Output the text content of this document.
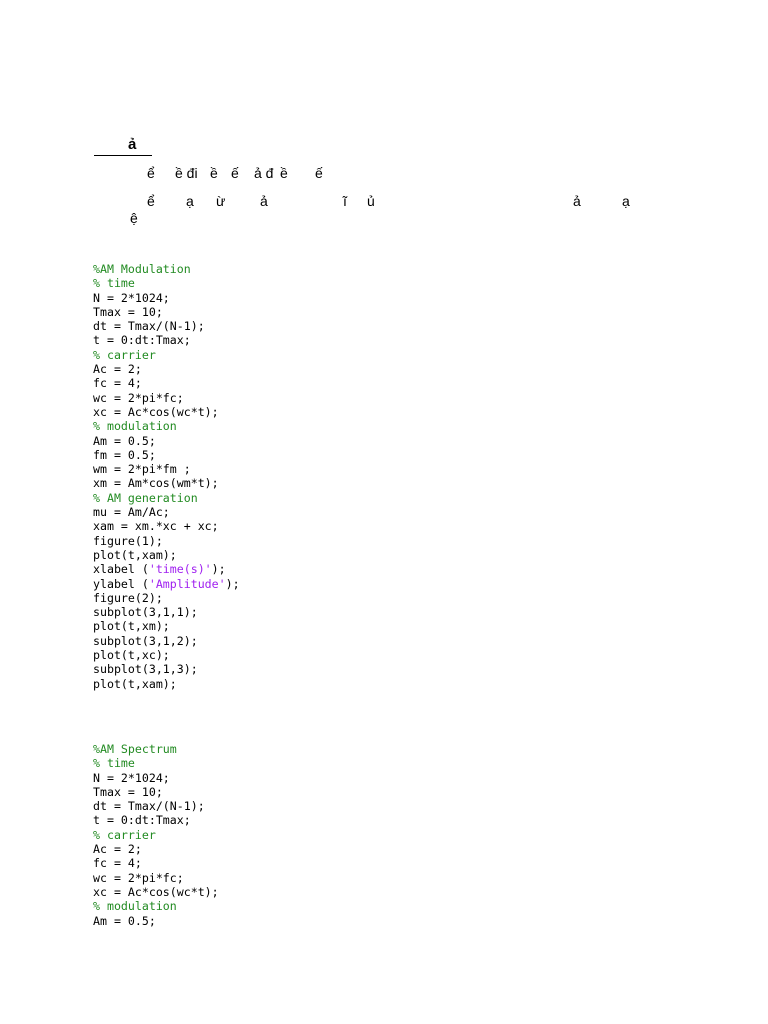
ả
ể ề đi ề ế ả đ ề ế
ể ạ ừ ả	ĩ ủ	ả	ạ
ệ
%AM Modulation
% time
N = 2*1024;
Tmax = 10;
dt = Tmax/(N-1);
t = 0:dt:Tmax;
% carrier
Ac = 2;
fc = 4;
wc = 2*pi*fc;
xc = Ac*cos(wc*t);
% modulation
Am = 0.5;
fm = 0.5;
wm = 2*pi*fm ;
xm = Am*cos(wm*t);
% AM generation
mu = Am/Ac;
xam = xm.*xc + xc;
figure(1);
plot(t,xam);
xlabel ('time(s)');
ylabel ('Amplitude');
figure(2);
subplot(3,1,1);
plot(t,xm);
subplot(3,1,2);
plot(t,xc);
subplot(3,1,3);
plot(t,xam);
%AM Spectrum
% time
N = 2*1024;
Tmax = 10;
dt = Tmax/(N-1);
t = 0:dt:Tmax;
% carrier
Ac = 2;
fc = 4;
wc = 2*pi*fc;
xc = Ac*cos(wc*t);
% modulation
Am = 0.5;
